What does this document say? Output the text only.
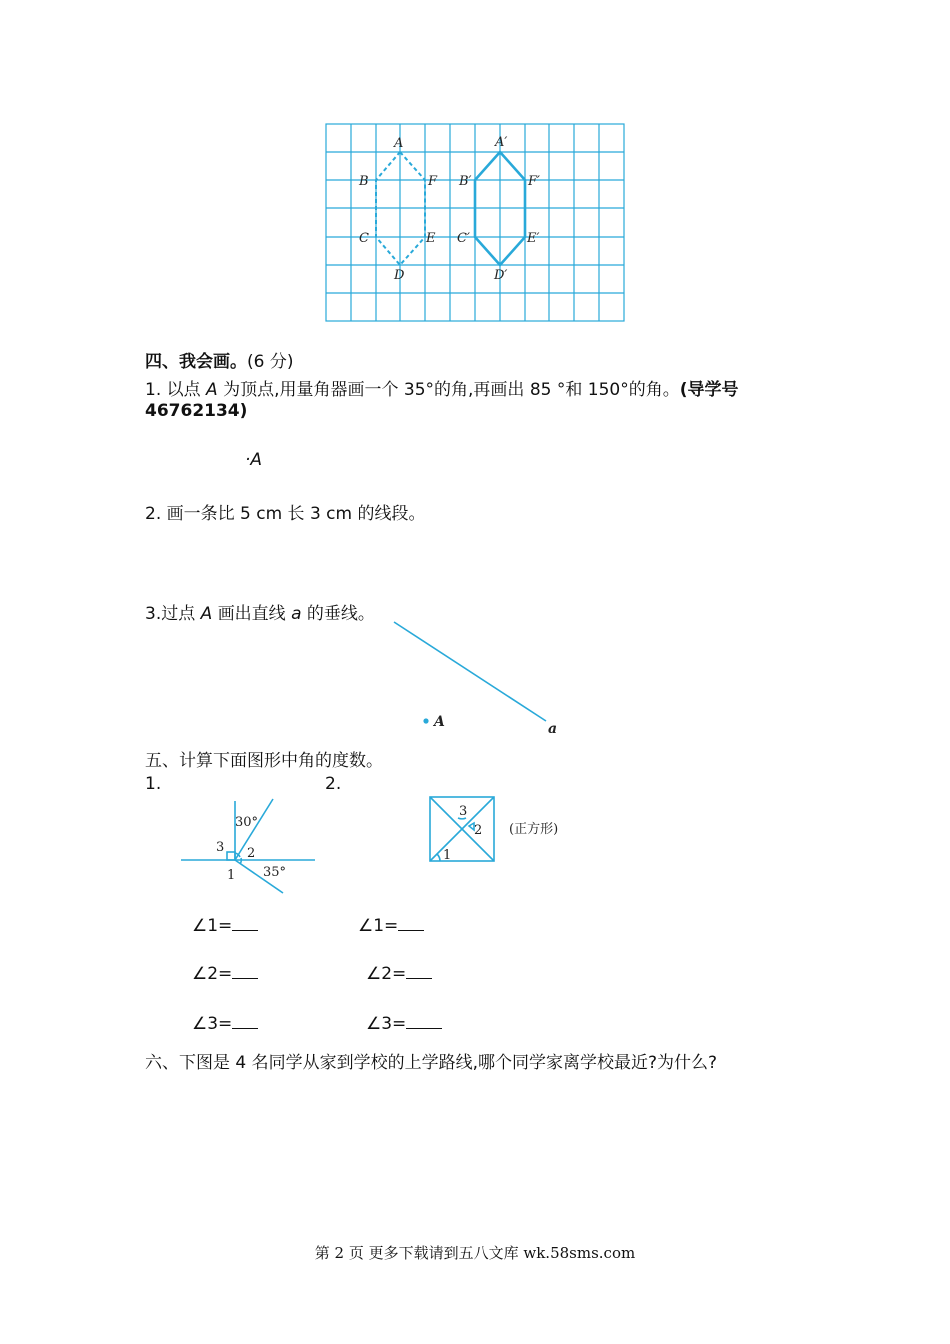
A
B	F
C	E
D
A′
B′	F′
C′	E′
D′
四、我会画。(6 分)
1. 以点 A 为顶点,用量角器画一个 35°的角,再画出 85 °和 150°的角。(导学号
46762134)
·A
2. 画一条比 5 cm 长 3 cm 的线段。
3.过点 A 画出直线 a 的垂线。
A	a
五、计算下面图形中角的度数。
1.	2.
30°
3 2
1 35°
3
2
1
(正方形)
∠1=	∠1=
∠2=	∠2=
∠3=	∠3=
六、下图是 4 名同学从家到学校的上学路线,哪个同学家离学校最近?为什么?
第 2 页 更多下载请到五八文库 wk.58sms.com
